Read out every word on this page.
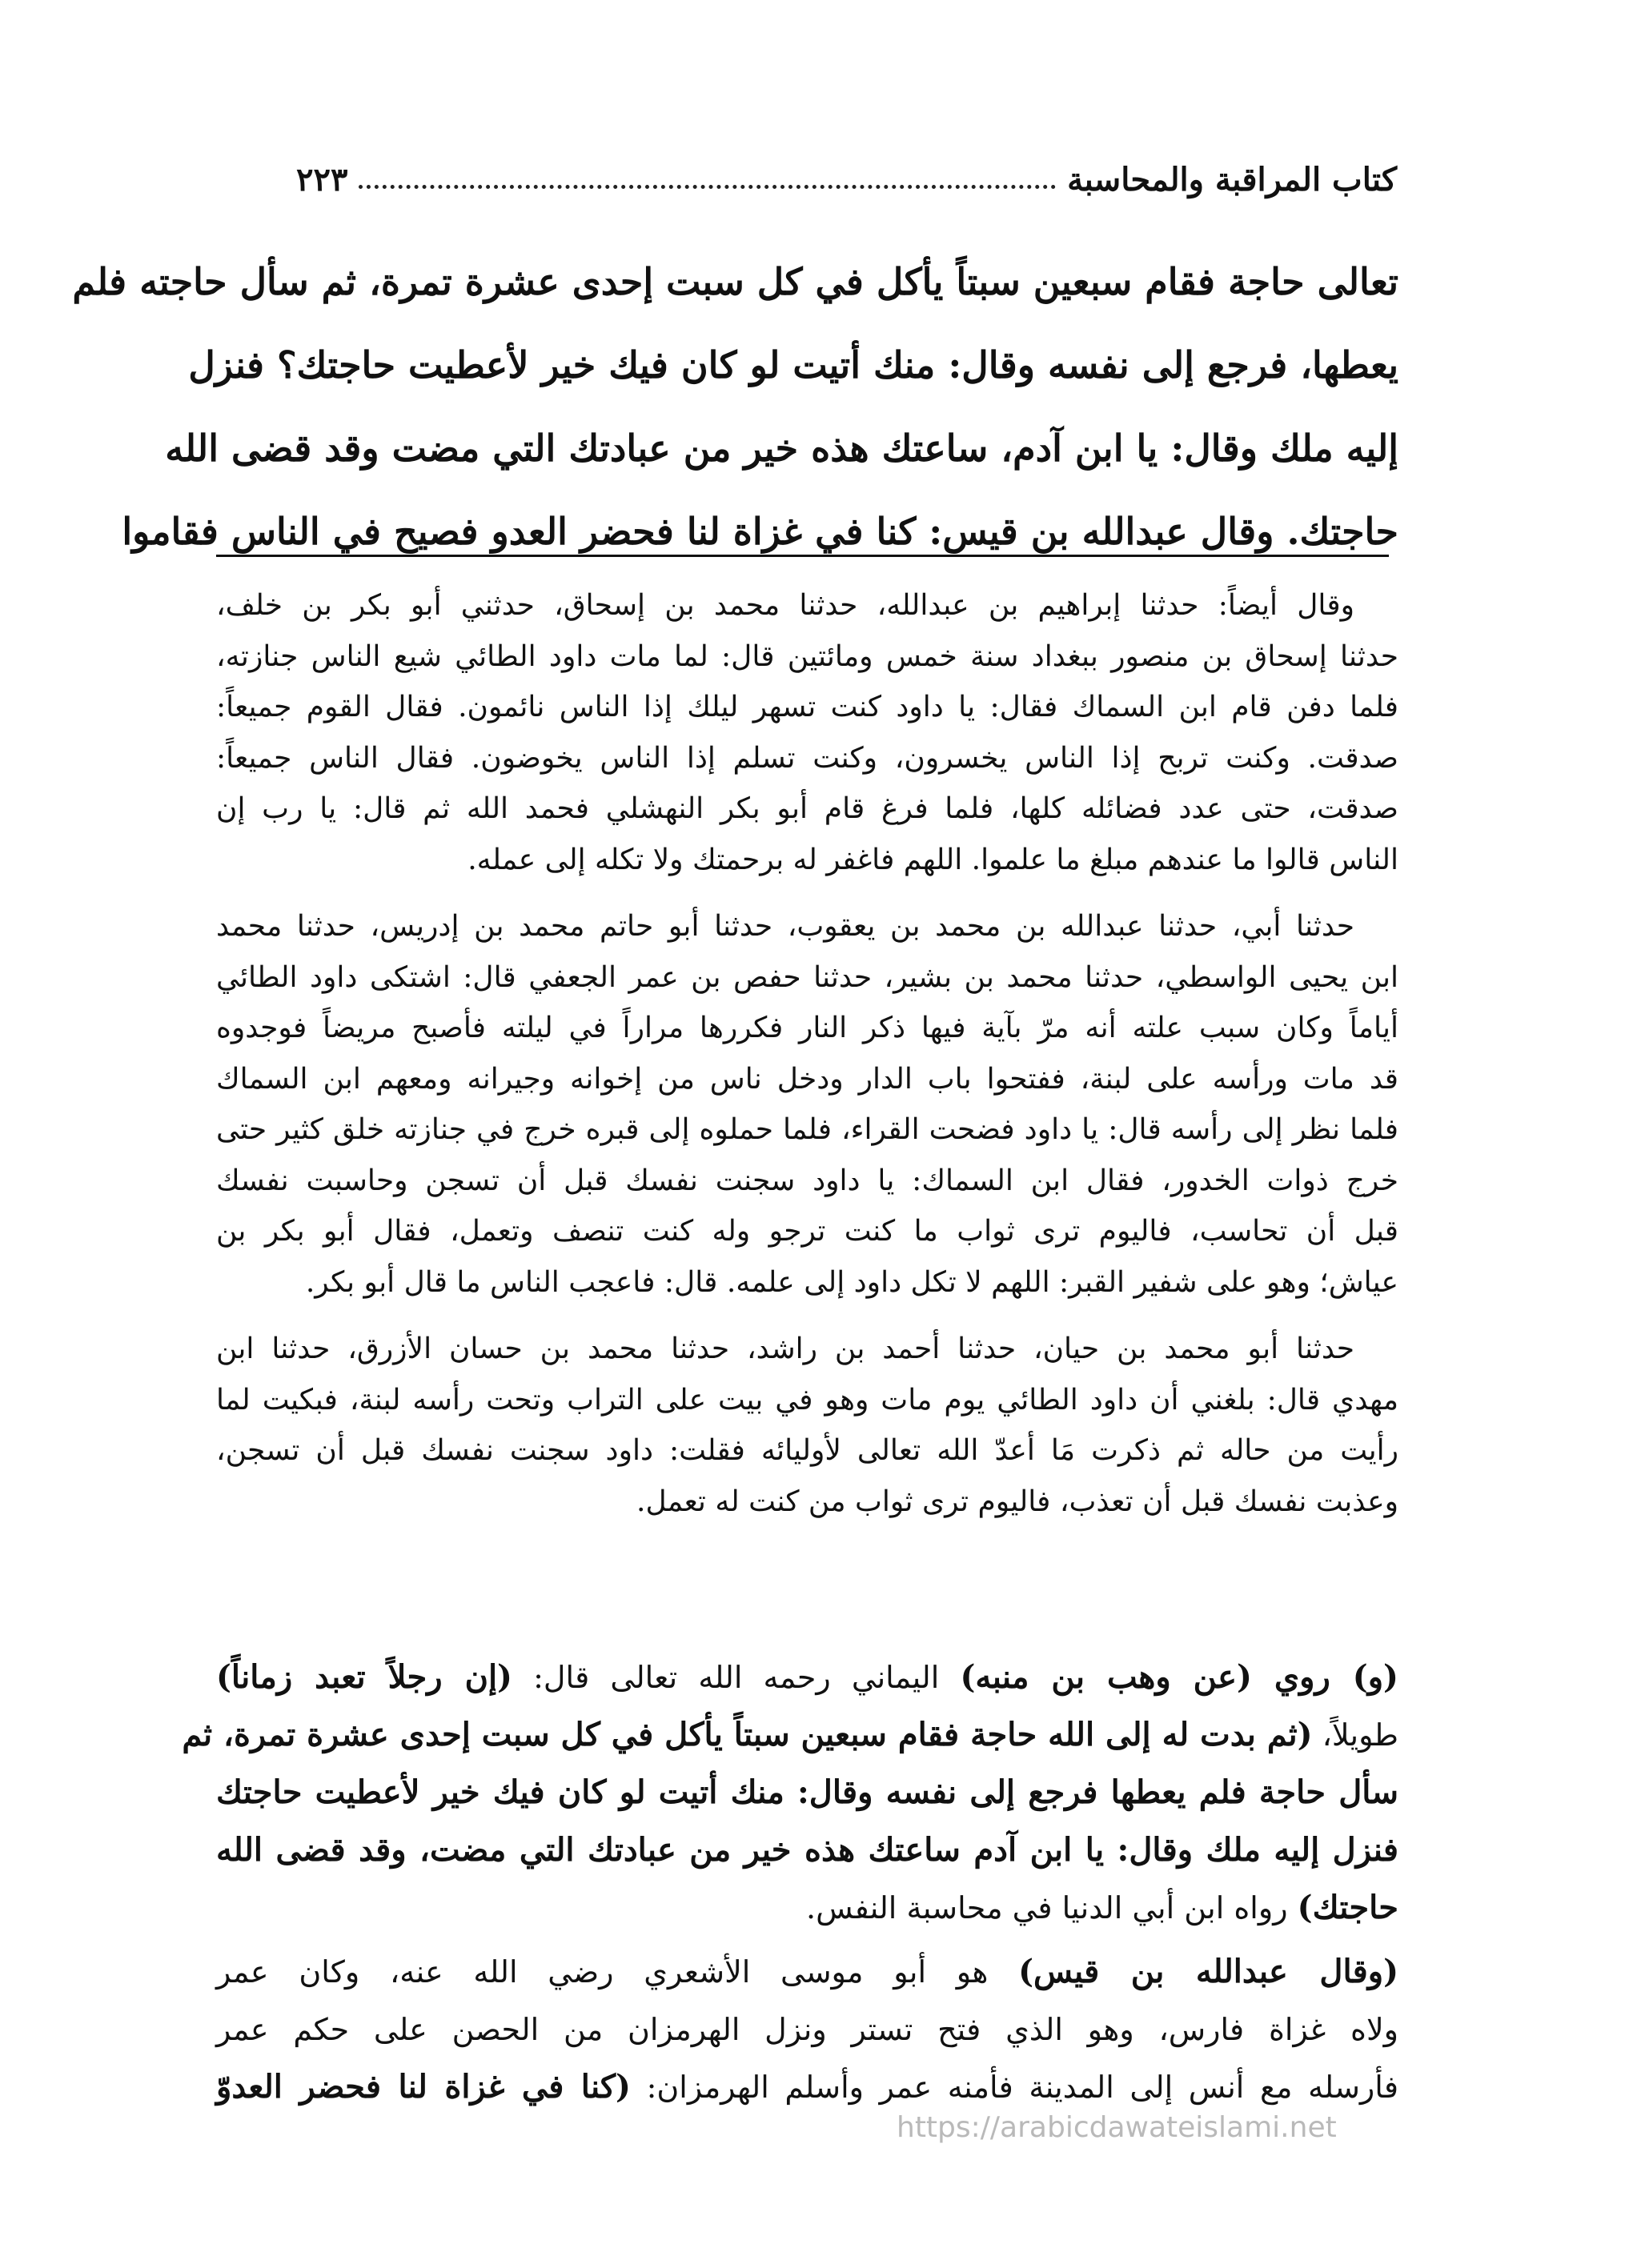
كتاب المراقبة والمحاسبة
٢٢٣
تعالى حاجة فقام سبعين سبتاً يأكل في كل سبت إحدى عشرة تمرة، ثم سأل حاجته فلم
يعطها، فرجع إلى نفسه وقال: منك أتيت لو كان فيك خير لأعطيت حاجتك؟ فنزل
إليه ملك وقال: يا ابن آدم، ساعتك هذه خير من عبادتك التي مضت وقد قضى الله
حاجتك. وقال عبدالله بن قيس: كنا في غزاة لنا فحضر العدو فصيح في الناس فقاموا
وقال أيضاً: حدثنا إبراهيم بن عبدالله، حدثنا محمد بن إسحاق، حدثني أبو بكر بن خلف،
حدثنا إسحاق بن منصور ببغداد سنة خمس ومائتين قال: لما مات داود الطائي شيع الناس جنازته،
فلما دفن قام ابن السماك فقال: يا داود كنت تسهر ليلك إذا الناس نائمون. فقال القوم جميعاً:
صدقت. وكنت تربح إذا الناس يخسرون، وكنت تسلم إذا الناس يخوضون. فقال الناس جميعاً:
صدقت، حتى عدد فضائله كلها، فلما فرغ قام أبو بكر النهشلي فحمد الله ثم قال: يا رب إن
الناس قالوا ما عندهم مبلغ ما علموا. اللهم فاغفر له برحمتك ولا تكله إلى عمله.
حدثنا أبي، حدثنا عبدالله بن محمد بن يعقوب، حدثنا أبو حاتم محمد بن إدريس، حدثنا محمد
ابن يحيى الواسطي، حدثنا محمد بن بشير، حدثنا حفص بن عمر الجعفي قال: اشتكى داود الطائي
أياماً وكان سبب علته أنه مرّ بآية فيها ذكر النار فكررها مراراً في ليلته فأصبح مريضاً فوجدوه
قد مات ورأسه على لبنة، ففتحوا باب الدار ودخل ناس من إخوانه وجيرانه ومعهم ابن السماك
فلما نظر إلى رأسه قال: يا داود فضحت القراء، فلما حملوه إلى قبره خرج في جنازته خلق كثير حتى
خرج ذوات الخدور، فقال ابن السماك: يا داود سجنت نفسك قبل أن تسجن وحاسبت نفسك
قبل أن تحاسب، فاليوم ترى ثواب ما كنت ترجو وله كنت تنصف وتعمل، فقال أبو بكر بن
عياش؛ وهو على شفير القبر: اللهم لا تكل داود إلى علمه. قال: فاعجب الناس ما قال أبو بكر.
حدثنا أبو محمد بن حيان، حدثنا أحمد بن راشد، حدثنا محمد بن حسان الأزرق، حدثنا ابن
مهدي قال: بلغني أن داود الطائي يوم مات وهو في بيت على التراب وتحت رأسه لبنة، فبكيت لما
رأيت من حاله ثم ذكرت مَا أعدّ الله تعالى لأوليائه فقلت: داود سجنت نفسك قبل أن تسجن،
وعذبت نفسك قبل أن تعذب، فاليوم ترى ثواب من كنت له تعمل.
(و) روي (عن وهب بن منبه) اليماني رحمه الله تعالى قال: (إن رجلاً تعبد زماناً)
طويلاً، (ثم بدت له إلى الله حاجة فقام سبعين سبتاً يأكل في كل سبت إحدى عشرة تمرة، ثم
سأل حاجة فلم يعطها فرجع إلى نفسه وقال: منك أتيت لو كان فيك خير لأعطيت حاجتك
فنزل إليه ملك وقال: يا ابن آدم ساعتك هذه خير من عبادتك التي مضت، وقد قضى الله
حاجتك) رواه ابن أبي الدنيا في محاسبة النفس.
(وقال عبدالله بن قيس) هو أبو موسى الأشعري رضي الله عنه، وكان عمر
ولاه غزاة فارس، وهو الذي فتح تستر ونزل الهرمزان من الحصن على حكم عمر
فأرسله مع أنس إلى المدينة فأمنه عمر وأسلم الهرمزان: (كنا في غزاة لنا فحضر العدوّ
https://arabicdawateislami.net
